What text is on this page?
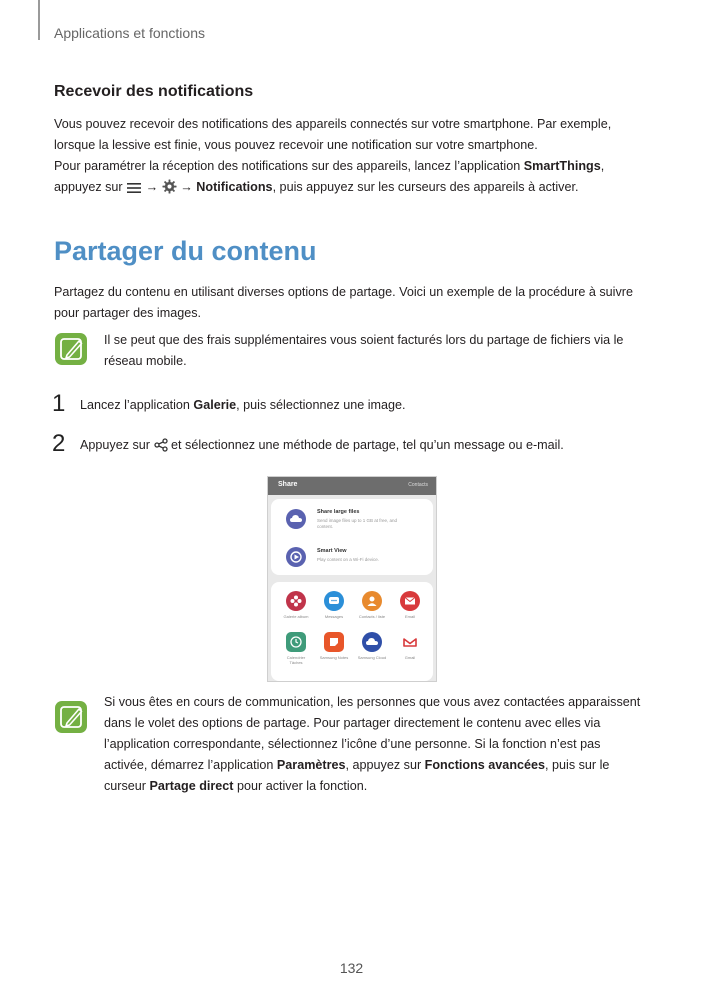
Applications et fonctions
Recevoir des notifications
Vous pouvez recevoir des notifications des appareils connectés sur votre smartphone. Par exemple, lorsque la lessive est finie, vous pouvez recevoir une notification sur votre smartphone.
Pour paramétrer la réception des notifications sur des appareils, lancez l’application SmartThings,
appuyez sur  →  → Notifications, puis appuyez sur les curseurs des appareils à activer.
Partager du contenu
Partagez du contenu en utilisant diverses options de partage. Voici un exemple de la procédure à suivre pour partager des images.
Il se peut que des frais supplémentaires vous soient facturés lors du partage de fichiers via le réseau mobile.
1 Lancez l’application Galerie, puis sélectionnez une image.
2 Appuyez sur  et sélectionnez une méthode de partage, tel qu’un message ou e-mail.
Share	Contacts
Share large files
Send image files up to 1 GB at free, and content.
Smart View
Play content on a Wi-Fi device.
Galerie album	Messages	Contacts / liste	Email
Calendrier Tâches
Samsung Notes Samsung Cloud	Gmail
Si vous êtes en cours de communication, les personnes que vous avez contactées apparaissent dans le volet des options de partage. Pour partager directement le contenu avec elles via l’application correspondante, sélectionnez l’icône d’une personne. Si la fonction n’est pas activée, démarrez l’application Paramètres, appuyez sur Fonctions avancées, puis sur le curseur Partage direct pour activer la fonction.
132
